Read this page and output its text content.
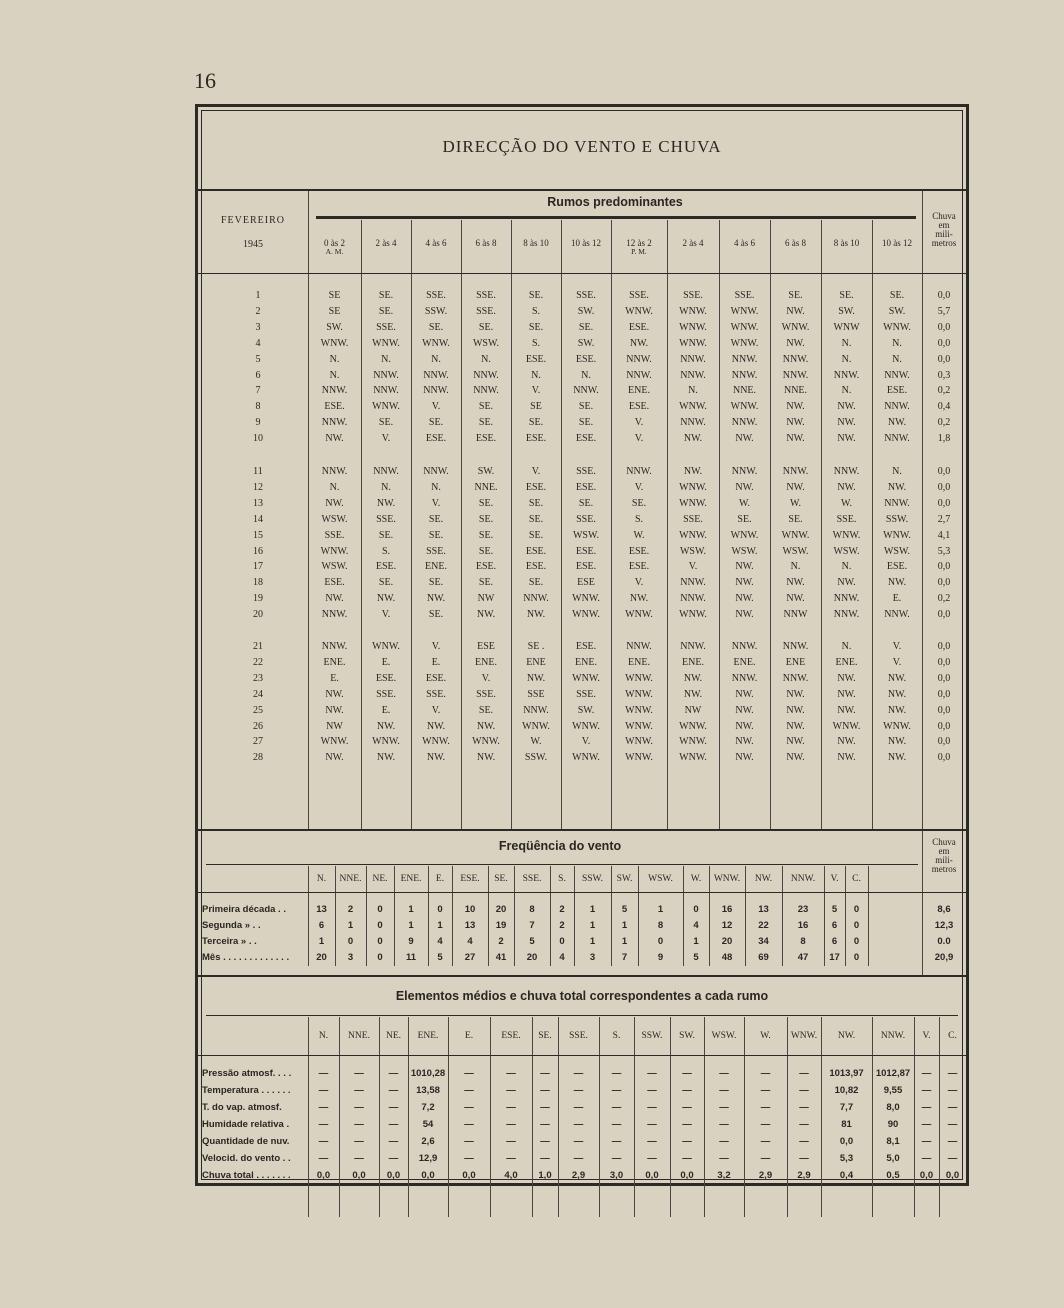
16
DIRECÇÃO DO VENTO E CHUVA
FEVEREIRO
1945
Rumos predominantes
Chuva
em
mili-
metros
0 às 2
A. M.
2 às 4	4 às 6	6 às 8	8 às 10	10 às 12	12 às 2
P. M.
2 às 4	4 às 6	6 às 8	8 às 10	10 às 12
1	SE	SE.	SSE.	SSE.	SE.	SSE.	SSE.	SSE.	SSE.	SE.	SE.	SE.	0,0
2	SE	SE.	SSW.	SSE.	S.	SW.	WNW.	WNW.	WNW.	NW.	SW.	SW.	5,7
3	SW.	SSE.	SE.	SE.	SE.	SE.	ESE.	WNW.	WNW.	WNW.	WNW	WNW.	0,0
4	WNW.	WNW.	WNW.	WSW.	S.	SW.	NW.	WNW.	WNW.	NW.	N.	N.	0,0
5	N.	N.	N.	N.	ESE.	ESE.	NNW.	NNW.	NNW.	NNW.	N.	N.	0,0
6	N.	NNW.	NNW.	NNW.	N.	N.	NNW.	NNW.	NNW.	NNW.	NNW.	NNW.	0,3
7	NNW.	NNW.	NNW.	NNW.	V.	NNW.	ENE.	N.	NNE.	NNE.	N.	ESE.	0,2
8	ESE.	WNW.	V.	SE.	SE	SE.	ESE.	WNW.	WNW.	NW.	NW.	NNW.	0,4
9	NNW.	SE.	SE.	SE.	SE.	SE.	V.	NNW.	NNW.	NW.	NW.	NW.	0,2
10	NW.	V.	ESE.	ESE.	ESE.	ESE.	V.	NW.	NW.	NW.	NW.	NNW.	1,8
11	NNW.	NNW.	NNW.	SW.	V.	SSE.	NNW.	NW.	NNW.	NNW.	NNW.	N.	0,0
12	N.	N.	N.	NNE.	ESE.	ESE.	V.	WNW.	NW.	NW.	NW.	NW.	0,0
13	NW.	NW.	V.	SE.	SE.	SE.	SE.	WNW.	W.	W.	W.	NNW.	0,0
14	WSW.	SSE.	SE.	SE.	SE.	SSE.	S.	SSE.	SE.	SE.	SSE.	SSW.	2,7
15	SSE.	SE.	SE.	SE.	SE.	WSW.	W.	WNW.	WNW.	WNW.	WNW.	WNW.	4,1
16	WNW.	S.	SSE.	SE.	ESE.	ESE.	ESE.	WSW.	WSW.	WSW.	WSW.	WSW.	5,3
17	WSW.	ESE.	ENE.	ESE.	ESE.	ESE.	ESE.	V.	NW.	N.	N.	ESE.	0,0
18	ESE.	SE.	SE.	SE.	SE.	ESE	V.	NNW.	NW.	NW.	NW.	NW.	0,0
19	NW.	NW.	NW.	NW	NNW.	WNW.	NW.	NNW.	NW.	NW.	NNW.	E.	0,2
20	NNW.	V.	SE.	NW.	NW.	WNW.	WNW.	WNW.	NW.	NNW	NNW.	NNW.	0,0
21	NNW.	WNW.	V.	ESE	SE .	ESE.	NNW.	NNW.	NNW.	NNW.	N.	V.	0,0
22	ENE.	E.	E.	ENE.	ENE	ENE.	ENE.	ENE.	ENE.	ENE	ENE.	V.	0,0
23	E.	ESE.	ESE.	V.	NW.	WNW.	WNW.	NW.	NNW.	NNW.	NW.	NW.	0,0
24	NW.	SSE.	SSE.	SSE.	SSE	SSE.	WNW.	NW.	NW.	NW.	NW.	NW.	0,0
25	NW.	E.	V.	SE.	NNW.	SW.	WNW.	NW	NW.	NW.	NW.	NW.	0,0
26	NW	NW.	NW.	NW.	WNW.	WNW.	WNW.	WNW.	NW.	NW.	WNW.	WNW.	0,0
27	WNW.	WNW.	WNW.	WNW.	W.	V.	WNW.	WNW.	NW.	NW.	NW.	NW.	0,0
28	NW.	NW.	NW.	NW.	SSW.	WNW.	WNW.	WNW.	NW.	NW.	NW.	NW.	0,0
Freqüência do vento
N.	NNE.	NE.	ENE.	E.	ESE.	SE.	SSE.	S.	SSW.	SW.	WSW.	W.	WNW.	NW.	NNW.	V.	C.
Chuva
em
mili-
metros
Primeira década . .	13	2	0	1	0	10	20	8	2	1	5	1	0	16	13	23	5	0	8,6
Segunda » . .	6	1	0	1	1	13	19	7	2	1	1	8	4	12	22	16	6	0	12,3
Terceira » . .	1	0	0	9	4	4	2	5	0	1	1	0	1	20	34	8	6	0	0.0
Mês . . . . . . . . . . . . .	20	3	0	11	5	27	41	20	4	3	7	9	5	48	69	47	17	0	20,9
Elementos médios e chuva total correspondentes a cada rumo
N.	NNE.	NE.	ENE.	E.	ESE.	SE.	SSE.	S.	SSW.	SW.	WSW.	W.	WNW.	NW.	NNW.	V.	C.
Pressão atmosf. . . .	—	—	—	1010,28	—	—	—	—	—	—	—	—	—	—	1013,97	1012,87	—	—
Temperatura . . . . . .	—	—	—	13,58	—	—	—	—	—	—	—	—	—	—	10,82	9,55	—	—
T. do vap. atmosf.	—	—	—	7,2	—	—	—	—	—	—	—	—	—	—	7,7	8,0	—	—
Humidade relativa .	—	—	—	54	—	—	—	—	—	—	—	—	—	—	81	90	—	—
Quantidade de nuv.	—	—	—	2,6	—	—	—	—	—	—	—	—	—	—	0,0	8,1	—	—
Velocid. do vento . .	—	—	—	12,9	—	—	—	—	—	—	—	—	—	—	5,3	5,0	—	—
Chuva total . . . . . . .	0,0	0,0	0,0	0,0	0,0	4,0	1,0	2,9	3,0	0,0	0,0	3,2	2,9	2,9	0,4	0,5	0,0	0,0
